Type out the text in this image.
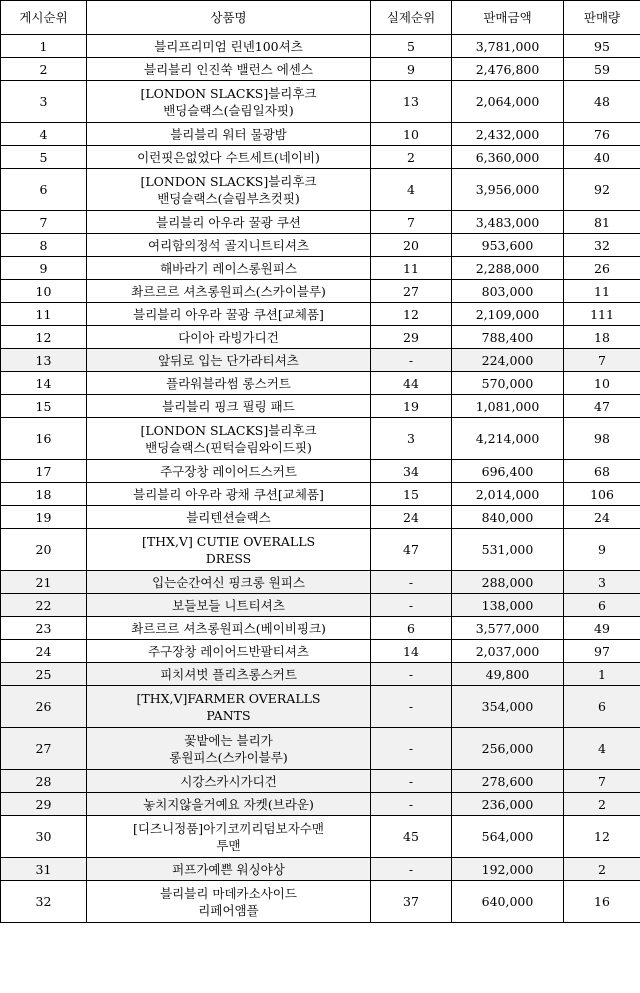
게시순위	상품명	실제순위	판매금액	판매량
1	블리프리미엄 린넨100셔츠	5	3,781,000	95
2	블리블리 인진쑥 밸런스 에센스	9	2,476,800	59
3	[LONDON SLACKS]블리후크
밴딩슬랙스(슬림일자핏)	13	2,064,000	48
4	블리블리 워터 물광밤	10	2,432,000	76
5	이런핏은없었다 수트세트(네이비)	2	6,360,000	40
6	[LONDON SLACKS]블리후크
밴딩슬랙스(슬림부츠컷핏)	4	3,956,000	92
7	블리블리 아우라 꿀광 쿠션	7	3,483,000	81
8	여리함의정석 골지니트티셔츠	20	953,600	32
9	해바라기 레이스롱원피스	11	2,288,000	26
10	촤르르르 셔츠롱원피스(스카이블루)	27	803,000	11
11	블리블리 아우라 꿀광 쿠션[교체품]	12	2,109,000	111
12	다이아 라빙가디건	29	788,400	18
13	앞뒤로 입는 단가라티셔츠	-	224,000	7
14	플라워블라썸 롱스커트	44	570,000	10
15	블리블리 핑크 필링 패드	19	1,081,000	47
16	[LONDON SLACKS]블리후크
밴딩슬랙스(핀턱슬림와이드핏)	3	4,214,000	98
17	주구장창 레이어드스커트	34	696,400	68
18	블리블리 아우라 광채 쿠션[교체품]	15	2,014,000	106
19	블리텐션슬랙스	24	840,000	24
20	[THX,V] CUTIE OVERALLS
DRESS	47	531,000	9
21	입는순간여신 핑크롱 원피스	-	288,000	3
22	보들보들 니트티셔츠	-	138,000	6
23	촤르르르 셔츠롱원피스(베이비핑크)	6	3,577,000	49
24	주구장창 레이어드반팔티셔츠	14	2,037,000	97
25	피치셔벗 플리츠롱스커트	-	49,800	1
26	[THX,V]FARMER OVERALLS
PANTS	-	354,000	6
27	꽃밭에는 블리가
롱원피스(스카이블루)	-	256,000	4
28	시강스카시가디건	-	278,600	7
29	놓치지않을거예요 자켓(브라운)	-	236,000	2
30	[디즈니정품]아기코끼리덤보자수맨
투맨	45	564,000	12
31	퍼프가예쁜 워싱야상	-	192,000	2
32	블리블리 마데카소사이드
리페어앰플	37	640,000	16
